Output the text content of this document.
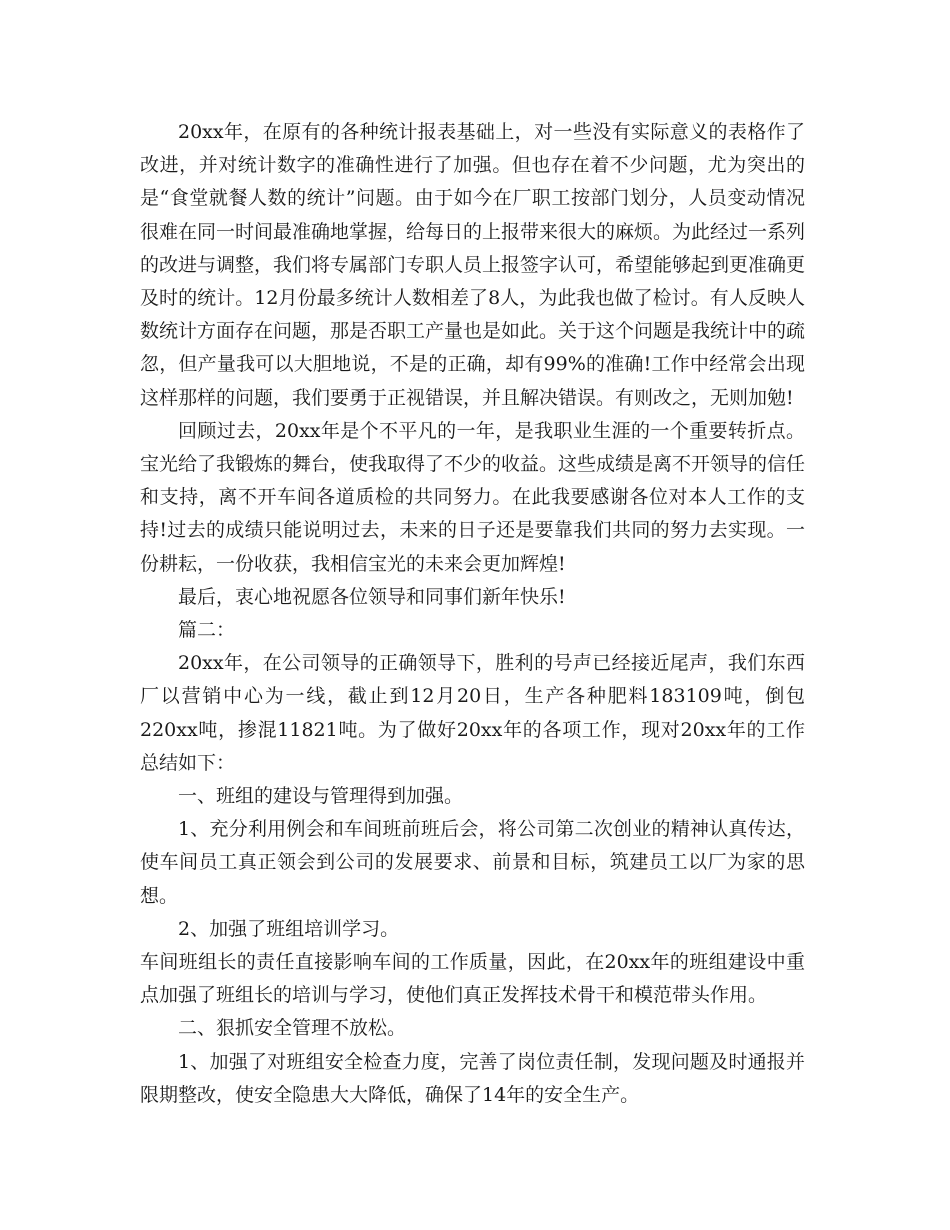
20xx年，在原有的各种统计报表基础上，对一些没有实际意义的表格作了改进，并对统计数字的准确性进行了加强。但也存在着不少问题，尤为突出的是“食堂就餐人数的统计”问题。由于如今在厂职工按部门划分，人员变动情况很难在同一时间最准确地掌握，给每日的上报带来很大的麻烦。为此经过一系列的改进与调整，我们将专属部门专职人员上报签字认可，希望能够起到更准确更及时的统计。12月份最多统计人数相差了8人，为此我也做了检讨。有人反映人数统计方面存在问题，那是否职工产量也是如此。关于这个问题是我统计中的疏忽，但产量我可以大胆地说，不是的正确，却有99%的准确!工作中经常会出现这样那样的问题，我们要勇于正视错误，并且解决错误。有则改之，无则加勉!

回顾过去，20xx年是个不平凡的一年，是我职业生涯的一个重要转折点。宝光给了我锻炼的舞台，使我取得了不少的收益。这些成绩是离不开领导的信任和支持，离不开车间各道质检的共同努力。在此我要感谢各位对本人工作的支持!过去的成绩只能说明过去，未来的日子还是要靠我们共同的努力去实现。一份耕耘，一份收获，我相信宝光的未来会更加辉煌!

最后，衷心地祝愿各位领导和同事们新年快乐!

篇二：

20xx年，在公司领导的正确领导下，胜利的号声已经接近尾声，我们东西厂以营销中心为一线，截止到12月20日，生产各种肥料183109吨，倒包220xx吨，掺混11821吨。为了做好20xx年的各项工作，现对20xx年的工作总结如下：

一、班组的建设与管理得到加强。

1、充分利用例会和车间班前班后会，将公司第二次创业的精神认真传达，使车间员工真正领会到公司的发展要求、前景和目标，筑建员工以厂为家的思想。

2、加强了班组培训学习。

车间班组长的责任直接影响车间的工作质量，因此，在20xx年的班组建设中重点加强了班组长的培训与学习，使他们真正发挥技术骨干和模范带头作用。

二、狠抓安全管理不放松。

1、加强了对班组安全检查力度，完善了岗位责任制，发现问题及时通报并限期整改，使安全隐患大大降低，确保了14年的安全生产。
